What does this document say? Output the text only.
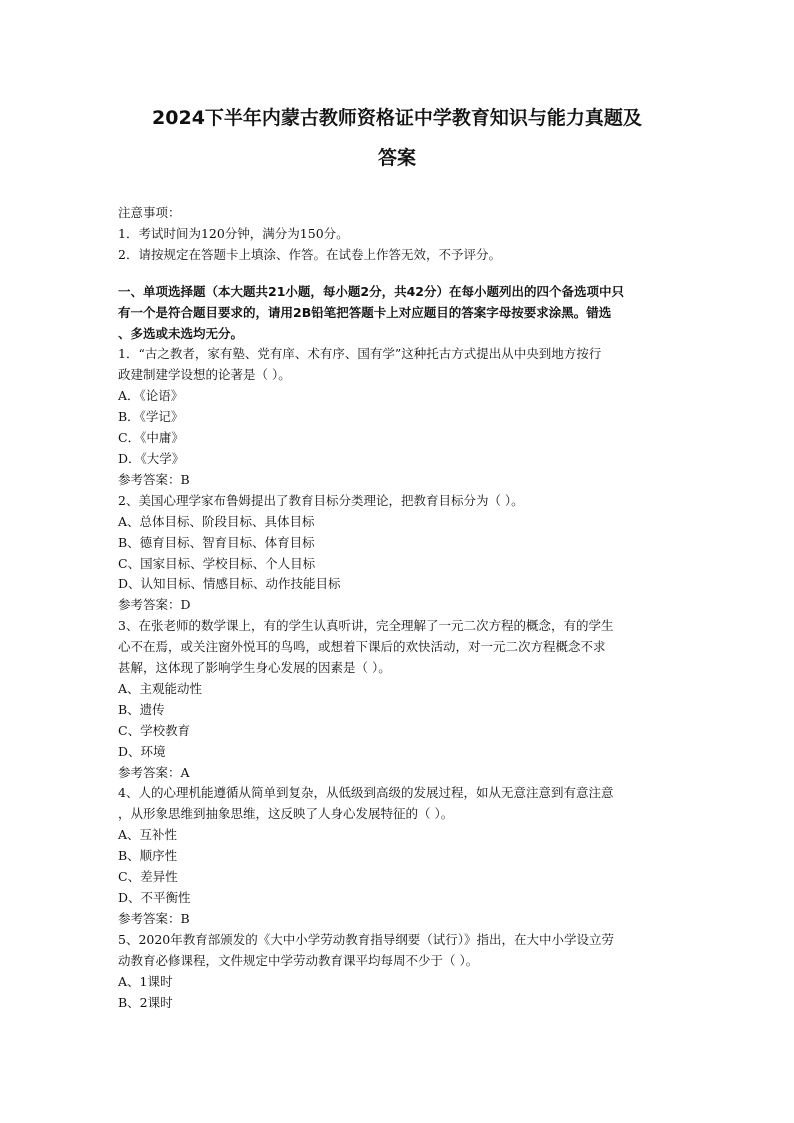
2024下半年内蒙古教师资格证中学教育知识与能力真题及
答案
注意事项：
1．考试时间为120分钟，满分为150分。
2．请按规定在答题卡上填涂、作答。在试卷上作答无效，不予评分。
一、单项选择题（本大题共21小题，每小题2分，共42分）在每小题列出的四个备选项中只
有一个是符合题目要求的，请用2B铅笔把答题卡上对应题目的答案字母按要求涂黑。错选
、多选或未选均无分。
1．“古之教者，家有塾、党有庠、术有序、国有学”这种托古方式提出从中央到地方按行
政建制建学设想的论著是（ ）。
A．《论语》
B．《学记》
C．《中庸》
D．《大学》
参考答案：B
2、美国心理学家布鲁姆提出了教育目标分类理论，把教育目标分为（ ）。
A、总体目标、阶段目标、具体目标
B、德育目标、智育目标、体育目标
C、国家目标、学校目标、个人目标
D、认知目标、情感目标、动作技能目标
参考答案：D
3、在张老师的数学课上，有的学生认真听讲，完全理解了一元二次方程的概念，有的学生
心不在焉，或关注窗外悦耳的鸟鸣，或想着下课后的欢快活动，对一元二次方程概念不求
甚解，这体现了影响学生身心发展的因素是（ ）。
A、主观能动性
B、遗传
C、学校教育
D、环境
参考答案：A
4、人的心理机能遵循从简单到复杂，从低级到高级的发展过程，如从无意注意到有意注意
，从形象思维到抽象思维，这反映了人身心发展特征的（ ）。
A、互补性
B、顺序性
C、差异性
D、不平衡性
参考答案：B
5、2020年教育部颁发的《大中小学劳动教育指导纲要（试行）》指出，在大中小学设立劳
动教育必修课程，文件规定中学劳动教育课平均每周不少于（ ）。
A、1课时
B、2课时
